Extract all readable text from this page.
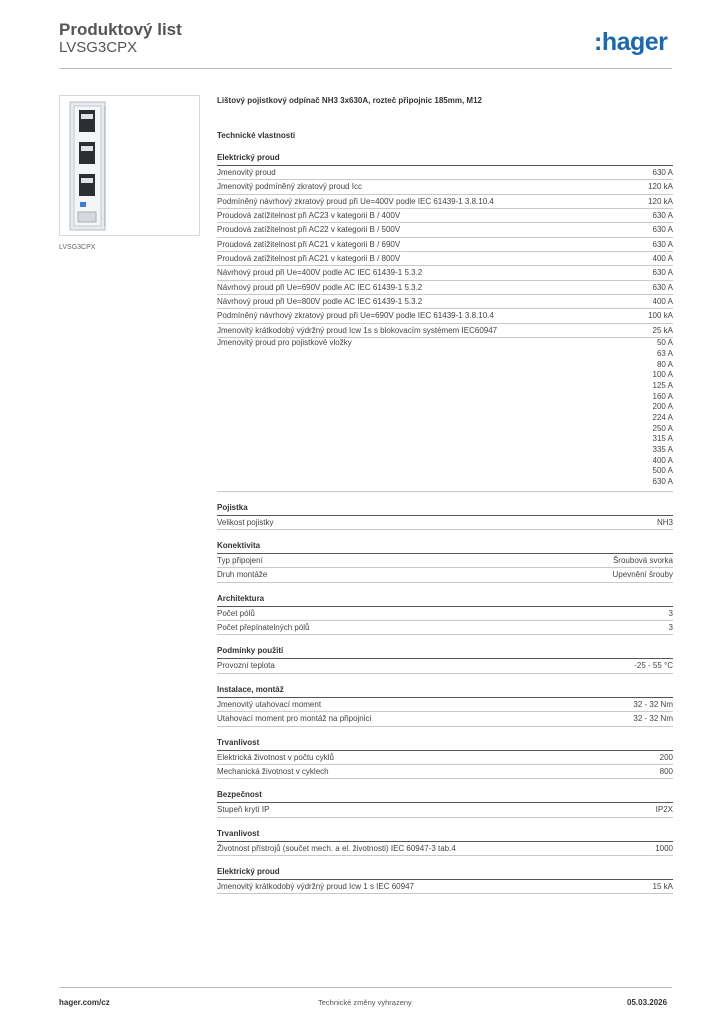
Produktový list
LVSG3CPX	:hager
LVSG3CPX
Lištový pojistkový odpínač NH3 3x630A, rozteč připojnic 185mm, M12
Technické vlastnosti
Elektrický proud
Jmenovitý proud	630 A
Jmenovitý podmíněný zkratový proud Icc	120 kA
Podmíněný návrhový zkratový proud při Ue=400V podle IEC 61439-1 3.8.10.4	120 kA
Proudová zatížitelnost při AC23 v kategorii B / 400V	630 A
Proudová zatížitelnost při AC22 v kategorii B / 500V	630 A
Proudová zatížitelnost při AC21 v kategorii B / 690V	630 A
Proudová zatížitelnost při AC21 v kategorii B / 800V	400 A
Návrhový proud při Ue=400V podle AC IEC 61439-1 5.3.2	630 A
Návrhový proud při Ue=690V podle AC IEC 61439-1 5.3.2	630 A
Návrhový proud při Ue=800V podle AC IEC 61439-1 5.3.2	400 A
Podmíněný návrhový zkratový proud při Ue=690V podle IEC 61439-1 3.8.10.4	100 kA
Jmenovitý krátkodobý výdržný proud Icw 1s s blokovacím systémem IEC60947	25 kA
Jmenovitý proud pro pojistkové vložky	50 A
63 A
80 A
100 A
125 A
160 A
200 A
224 A
250 A
315 A
335 A
400 A
500 A
630 A
Pojistka
Velikost pojistky	NH3
Konektivita
Typ připojení	Šroubová svorka
Druh montáže	Upevnění šrouby
Architektura
Počet pólů	3
Počet přepínatelných pólů	3
Podmínky použití
Provozní teplota	-25 - 55 °C
Instalace, montáž
Jmenovitý utahovací moment	32 - 32 Nm
Utahovací moment pro montáž na připojnici	32 - 32 Nm
Trvanlivost
Elektrická životnost v počtu cyklů	200
Mechanická životnost v cyklech	800
Bezpečnost
Stupeň krytí IP	IP2X
Trvanlivost
Životnost přístrojů (součet mech. a el. životnosti) IEC 60947-3 tab.4	1000
Elektrický proud
Jmenovitý krátkodobý výdržný proud Icw 1 s IEC 60947	15 kA
hager.com/cz	Technické změny vyhrazeny	05.03.2026
